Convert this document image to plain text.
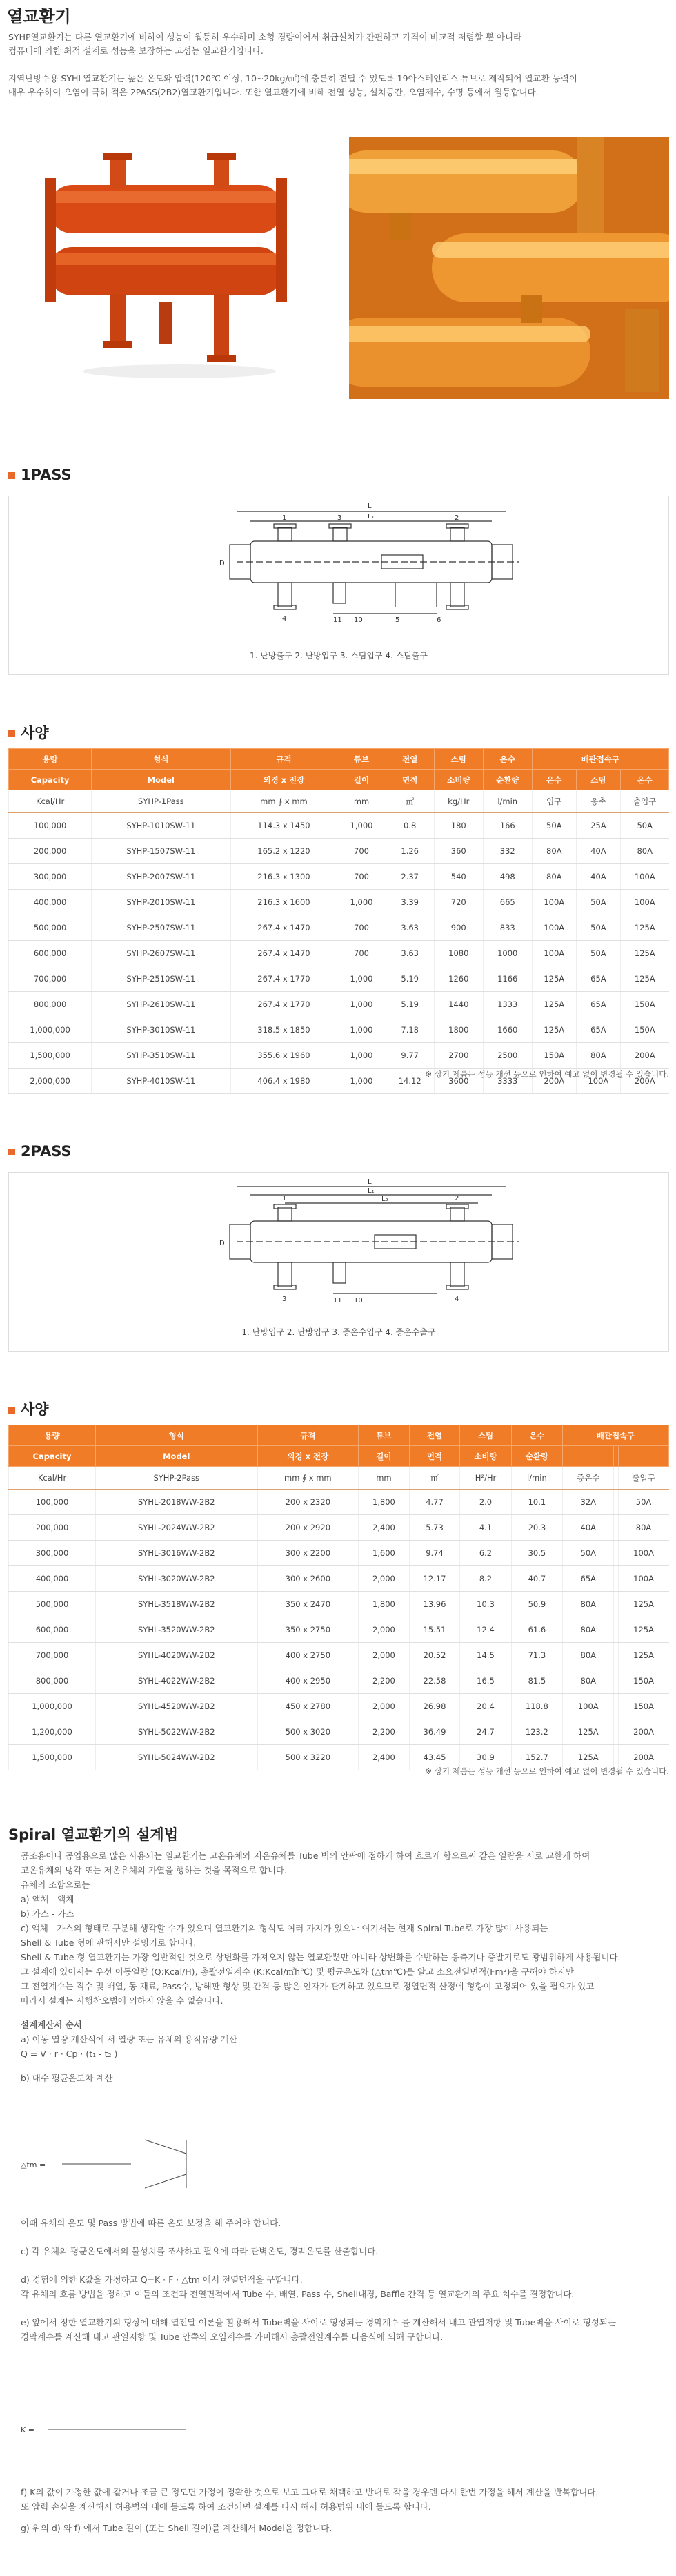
열교환기
SYHP열교환기는 다른 열교환기에 비하여 성능이 월등히 우수하며 소형 경량이어서 취급설치가 간편하고 가격이 비교적 저렴할 뿐 아니라
컴퓨터에 의한 최적 설계로 성능을 보장하는 고성능 열교환기입니다.
지역난방수용 SYHL열교환기는 높은 온도와 압력(120℃ 이상, 10~20kg/㎠)에 충분히 견딜 수 있도록 19아스테인리스 튜브로 제작되어 열교환 능력이
매우 우수하여 오염이 극히 적은 2PASS(2B2)열교환기입니다. 또한 열교환기에 비해 전열 성능, 설치공간, 오염제수, 수명 등에서 월등합니다.
1PASS
L
L₁
D
1	2
3
4	11 10	5	6
1. 난방출구 2. 난방입구 3. 스팀입구 4. 스팀출구
사양
용량	형식	규격	튜브	전열	스팀	온수	배관접속구		
Capacity	Model	외경 x 전장	길이	면적	소비량	순환량	온수	스팀	온수
Kcal/Hr	SYHP-1Pass	mm ∮ x mm	mm	㎡	kg/Hr	l/min	입구	응축	출입구
100,000	SYHP-1010SW-11	114.3 x 1450	1,000	0.8	180	166	50A	25A	50A
200,000	SYHP-1507SW-11	165.2 x 1220	700	1.26	360	332	80A	40A	80A
300,000	SYHP-2007SW-11	216.3 x 1300	700	2.37	540	498	80A	40A	100A
400,000	SYHP-2010SW-11	216.3 x 1600	1,000	3.39	720	665	100A	50A	100A
500,000	SYHP-2507SW-11	267.4 x 1470	700	3.63	900	833	100A	50A	125A
600,000	SYHP-2607SW-11	267.4 x 1470	700	3.63	1080	1000	100A	50A	125A
700,000	SYHP-2510SW-11	267.4 x 1770	1,000	5.19	1260	1166	125A	65A	125A
800,000	SYHP-2610SW-11	267.4 x 1770	1,000	5.19	1440	1333	125A	65A	150A
1,000,000	SYHP-3010SW-11	318.5 x 1850	1,000	7.18	1800	1660	125A	65A	150A
1,500,000	SYHP-3510SW-11	355.6 x 1960	1,000	9.77	2700	2500	150A	80A	200A
2,000,000	SYHP-4010SW-11	406.4 x 1980	1,000	14.12	3600	3333	200A	100A	200A
※ 상기 제품은 성능 개선 등으로 인하여 예고 없이 변경될 수 있습니다.
2PASS
L
L₁
L₂
D
1	2
3	4
11 10
1. 난방입구 2. 난방입구 3. 증온수입구 4. 증온수출구
사양
용량	형식	규격	튜브	전열	스팀	온수	배관접속구		
Capacity	Model	외경 x 전장	길이	면적	소비량	순환량			
Kcal/Hr	SYHP-2Pass	mm ∮ x mm	mm	㎡	H²/Hr	l/min	증온수		출입구
100,000	SYHL-2018WW-2B2	200 x 2320	1,800	4.77	2.0	10.1	32A		50A
200,000	SYHL-2024WW-2B2	200 x 2920	2,400	5.73	4.1	20.3	40A		80A
300,000	SYHL-3016WW-2B2	300 x 2200	1,600	9.74	6.2	30.5	50A		100A
400,000	SYHL-3020WW-2B2	300 x 2600	2,000	12.17	8.2	40.7	65A		100A
500,000	SYHL-3518WW-2B2	350 x 2470	1,800	13.96	10.3	50.9	80A		125A
600,000	SYHL-3520WW-2B2	350 x 2750	2,000	15.51	12.4	61.6	80A		125A
700,000	SYHL-4020WW-2B2	400 x 2750	2,000	20.52	14.5	71.3	80A		125A
800,000	SYHL-4022WW-2B2	400 x 2950	2,200	22.58	16.5	81.5	80A		150A
1,000,000	SYHL-4520WW-2B2	450 x 2780	2,000	26.98	20.4	118.8	100A		150A
1,200,000	SYHL-5022WW-2B2	500 x 3020	2,200	36.49	24.7	123.2	125A		200A
1,500,000	SYHL-5024WW-2B2	500 x 3220	2,400	43.45	30.9	152.7	125A		200A
※ 상기 제품은 성능 개선 등으로 인하여 예고 없이 변경될 수 있습니다.
Spiral 열교환기의 설계법
공조용이나 공업용으로 많은 사용되는 열교환기는 고온유체와 저온유체를 Tube 벽의 안팎에 접하게 하여 흐르게 함으로써 같은 열량을 서로 교환케 하여
고온유체의 냉각 또는 저온유체의 가열을 행하는 것을 목적으로 합니다.
유체의 조합으로는
a) 액체 - 액체
b) 가스 - 가스
c) 액체 - 가스의 형태로 구분해 생각할 수가 있으며 열교환기의 형식도 여러 가지가 있으나 여기서는 현재 Spiral Tube로 가장 많이 사용되는
Shell & Tube 형에 관해서만 설명키로 합니다.
Shell & Tube 형 열교환기는 가장 일반적인 것으로 상변화를 가져오지 않는 열교환뿐만 아니라 상변화를 수반하는 응축기나 증발기로도 광범위하게 사용됩니다.
그 설계에 있어서는 우선 이동열량 (Q:Kcal/H), 총괄전열계수 (K:Kcal/㎡h℃) 및 평균온도차 (△tm℃)를 알고 소요전열면적(Fm²)을 구해야 하지만
그 전열계수는 직수 및 배열, 동 재료, Pass수, 방해판 형상 및 간격 등 많은 인자가 관계하고 있으므로 정열면적 산정에 형향이 고정되어 있을 필요가 있고
따라서 설계는 시행착오법에 의하지 않을 수 없습니다.
설계계산서 순서
a) 이동 열량 계산식에 서 열량 또는 유체의 용적유량 계산
Q = V · r · Cp · (t₁ - t₂ )
b) 대수 평균온도차 계산
△tm =
이때 유체의 온도 및 Pass 방법에 따른 온도 보정을 해 주어야 합니다.
c) 각 유체의 평균온도에서의 물성치를 조사하고 필요에 따라 관벽온도, 경막온도를 산출합니다.
d) 경험에 의한 K값을 가정하고 Q=K · F · △tm 에서 전열면적을 구합니다.
각 유체의 흐름 방법을 정하고 이들의 조건과 전열면적에서 Tube 수, 배열, Pass 수, Shell내경, Baffle 간격 등 열교환기의 주요 치수를 결정합니다.
e) 앞에서 정한 열교환기의 형상에 대해 열전달 이론을 활용해서 Tube벽을 사이로 형성되는 경막계수 를 계산해서 내고 관열저항 및 Tube벽을 사이로 형성되는
경막계수를 계산해 내고 관열저항 및 Tube 안쪽의 오염계수를 가미해서 총괄전열계수를 다음식에 의해 구합니다.
K =
f) K의 값이 가정한 값에 같거나 조금 큰 정도면 가정이 정확한 것으로 보고 그대로 채택하고 반대로 작을 경우엔 다시 한번 가정을 해서 계산을 반복합니다.
또 압력 손실을 계산해서 허용범위 내에 들도록 하여 조건되면 설계를 다시 해서 허용범위 내에 들도록 합니다.
g) 위의 d) 와 f) 에서 Tube 길이 (또는 Shell 길이)를 계산해서 Model을 정합니다.
